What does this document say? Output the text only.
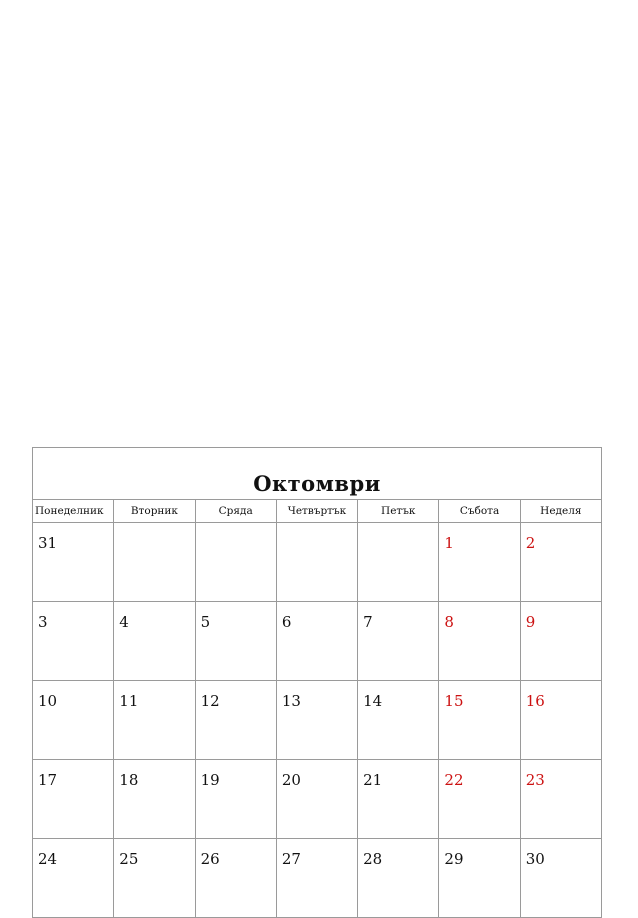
Октомври						
Понеделник	Вторник	Сряда	Четвъртък	Петък	Събота	Неделя
31					1	2
3	4	5	6	7	8	9
10	11	12	13	14	15	16
17	18	19	20	21	22	23
24	25	26	27	28	29	30
